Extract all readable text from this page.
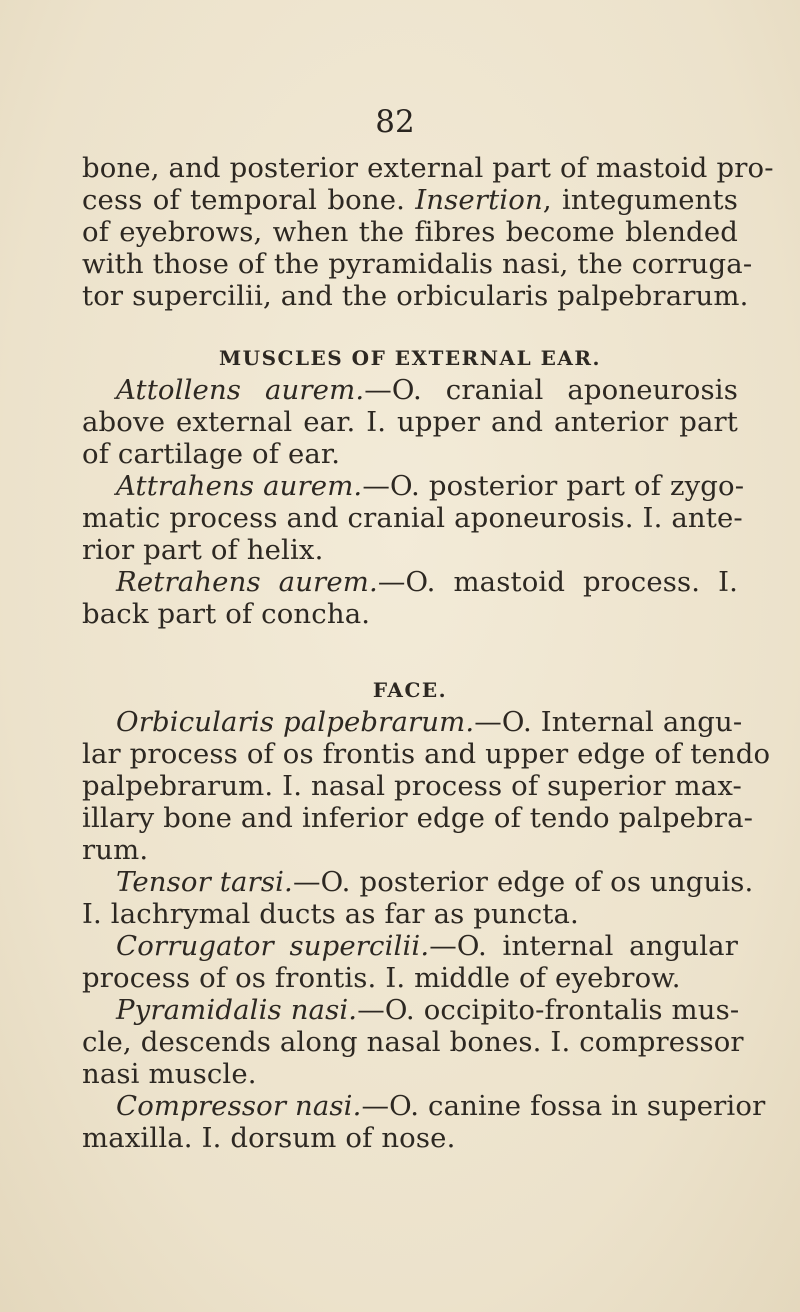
82
bone, and posterior external part of mastoid pro-
cess of temporal bone. Insertion, integuments
of eyebrows, when the fibres become blended
with those of the pyramidalis nasi, the corruga-
tor supercilii, and the orbicularis palpebrarum.
MUSCLES OF EXTERNAL EAR.
Attollens aurem.—O. cranial aponeurosis
above external ear. I. upper and anterior part
of cartilage of ear.
Attrahens aurem.—O. posterior part of zygo-
matic process and cranial aponeurosis. I. ante-
rior part of helix.
Retrahens aurem.—O. mastoid process. I.
back part of concha.
FACE.
Orbicularis palpebrarum.—O. Internal angu-
lar process of os frontis and upper edge of tendo
palpebrarum. I. nasal process of superior max-
illary bone and inferior edge of tendo palpebra-
rum.
Tensor tarsi.—O. posterior edge of os unguis.
I. lachrymal ducts as far as puncta.
Corrugator supercilii.—O. internal angular
process of os frontis. I. middle of eyebrow.
Pyramidalis nasi.—O. occipito-frontalis mus-
cle, descends along nasal bones. I. compressor
nasi muscle.
Compressor nasi.—O. canine fossa in superior
maxilla. I. dorsum of nose.
